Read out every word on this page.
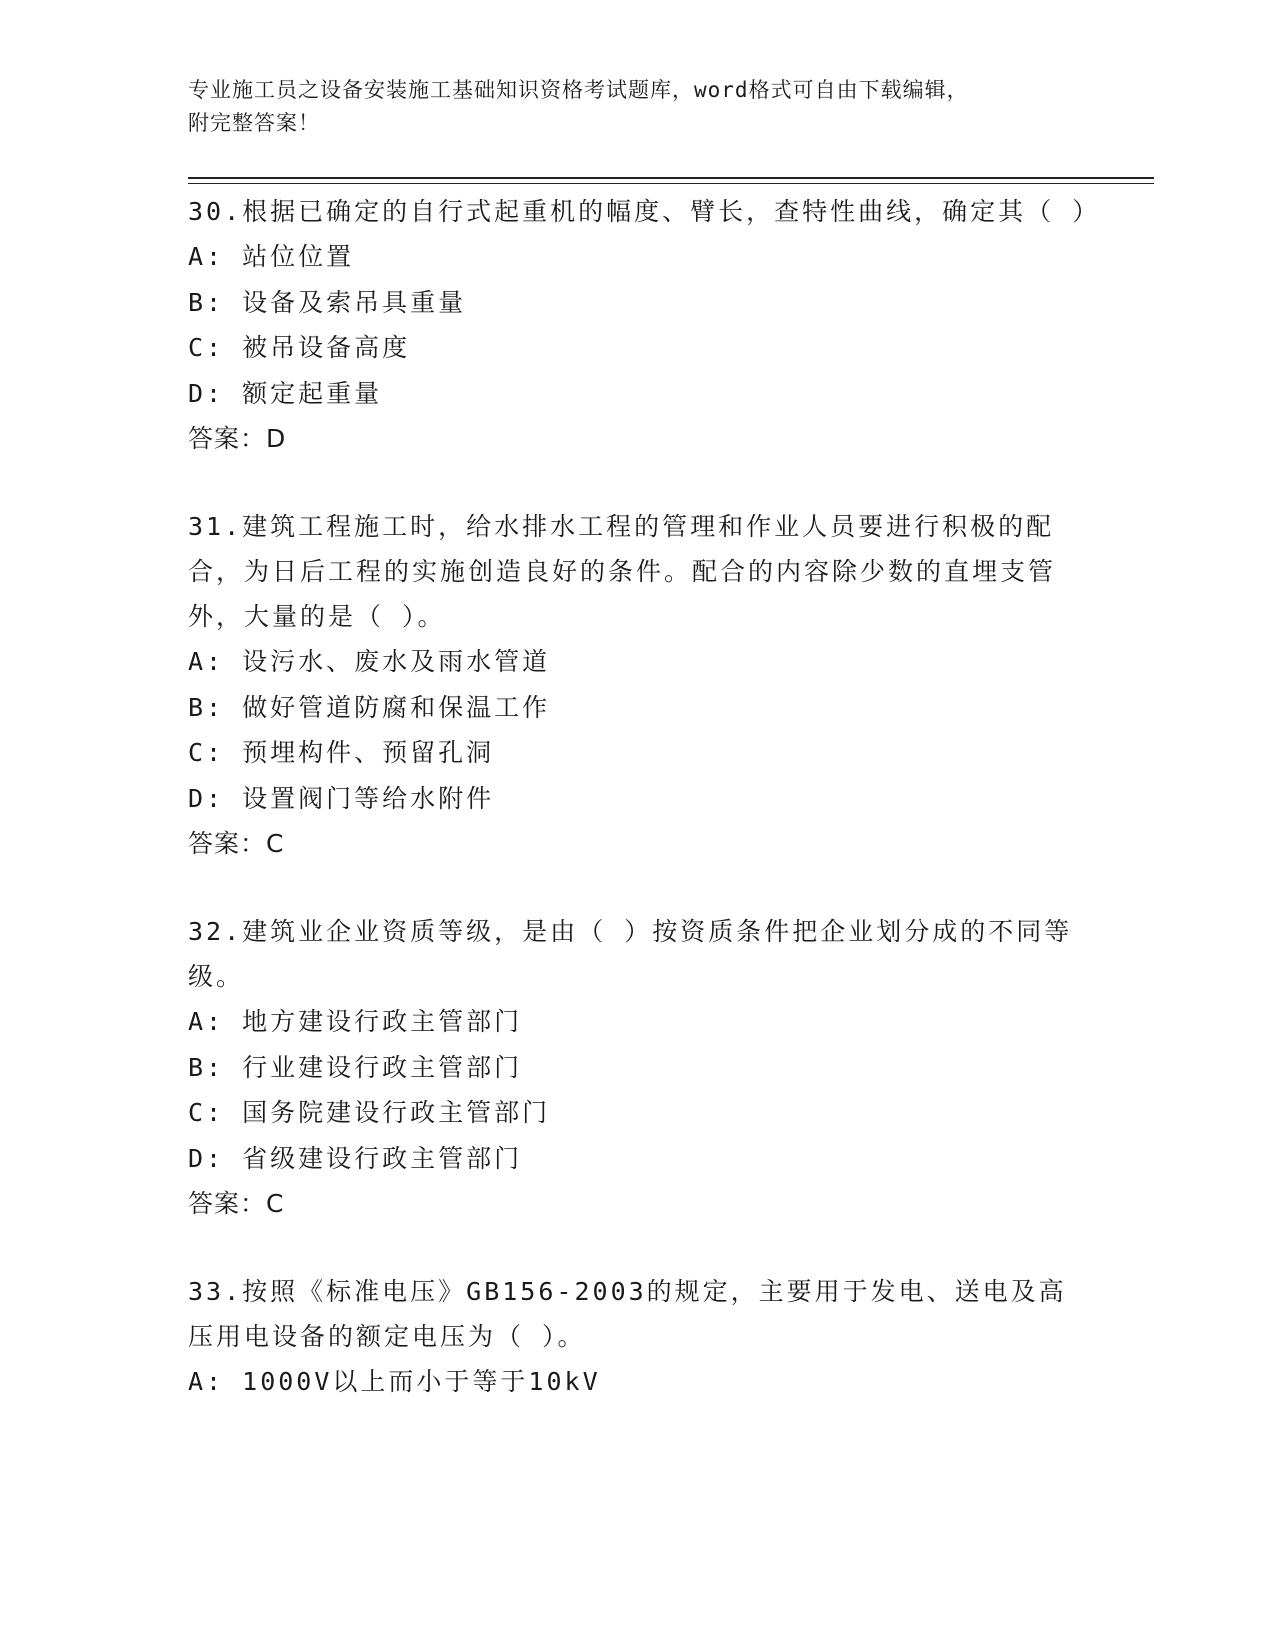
专业施工员之设备安装施工基础知识资格考试题库，word格式可自由下载编辑，
附完整答案！

30.根据已确定的自行式起重机的幅度、臂长，查特性曲线，确定其（ ）

A: 站位位置

B: 设备及索吊具重量

C: 被吊设备高度

D: 额定起重量

答案：D

31.建筑工程施工时，给水排水工程的管理和作业人员要进行积极的配合，为日后工程的实施创造良好的条件。配合的内容除少数的直埋支管外，大量的是（ ）。

A: 设污水、废水及雨水管道

B: 做好管道防腐和保温工作

C: 预埋构件、预留孔洞

D: 设置阀门等给水附件

答案：C

32.建筑业企业资质等级，是由（ ）按资质条件把企业划分成的不同等级。

A: 地方建设行政主管部门

B: 行业建设行政主管部门

C: 国务院建设行政主管部门

D: 省级建设行政主管部门

答案：C

33.按照《标准电压》GB156-2003的规定，主要用于发电、送电及高压用电设备的额定电压为（ ）。

A: 1000V以上而小于等于10kV
